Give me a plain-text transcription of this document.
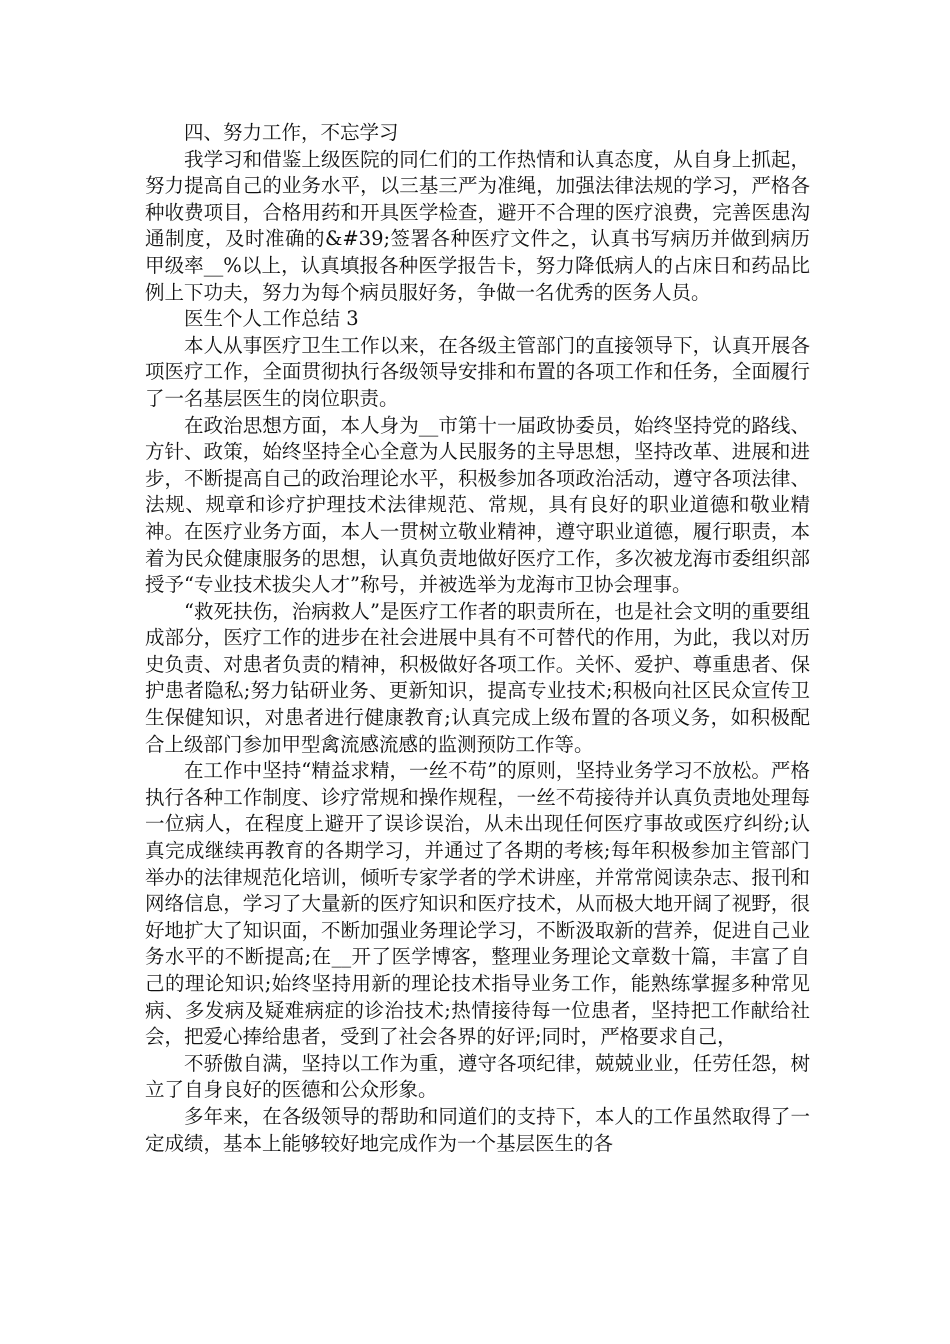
四、努力工作，不忘学习

我学习和借鉴上级医院的同仁们的工作热情和认真态度，从自身上抓起，努力提高自己的业务水平，以三基三严为准绳，加强法律法规的学习，严格各种收费项目，合格用药和开具医学检查，避开不合理的医疗浪费，完善医患沟通制度，及时准确的&#39;签署各种医疗文件之，认真书写病历并做到病历甲级率__%以上，认真填报各种医学报告卡，努力降低病人的占床日和药品比例上下功夫，努力为每个病员服好务，争做一名优秀的医务人员。

医生个人工作总结 3

本人从事医疗卫生工作以来，在各级主管部门的直接领导下，认真开展各项医疗工作，全面贯彻执行各级领导安排和布置的各项工作和任务，全面履行了一名基层医生的岗位职责。

在政治思想方面，本人身为__市第十一届政协委员，始终坚持党的路线、方针、政策，始终坚持全心全意为人民服务的主导思想，坚持改革、进展和进步，不断提高自己的政治理论水平，积极参加各项政治活动，遵守各项法律、法规、规章和诊疗护理技术法律规范、常规，具有良好的职业道德和敬业精神。在医疗业务方面，本人一贯树立敬业精神，遵守职业道德，履行职责，本着为民众健康服务的思想，认真负责地做好医疗工作，多次被龙海市委组织部授予“专业技术拔尖人才”称号，并被选举为龙海市卫协会理事。

“救死扶伤，治病救人”是医疗工作者的职责所在，也是社会文明的重要组成部分，医疗工作的进步在社会进展中具有不可替代的作用，为此，我以对历史负责、对患者负责的精神，积极做好各项工作。关怀、爱护、尊重患者、保护患者隐私;努力钻研业务、更新知识，提高专业技术;积极向社区民众宣传卫生保健知识，对患者进行健康教育;认真完成上级布置的各项义务，如积极配合上级部门参加甲型禽流感流感的监测预防工作等。

在工作中坚持“精益求精，一丝不苟”的原则，坚持业务学习不放松。严格执行各种工作制度、诊疗常规和操作规程，一丝不苟接待并认真负责地处理每一位病人，在程度上避开了误诊误治，从未出现任何医疗事故或医疗纠纷;认真完成继续再教育的各期学习，并通过了各期的考核;每年积极参加主管部门举办的法律规范化培训，倾听专家学者的学术讲座，并常常阅读杂志、报刊和网络信息，学习了大量新的医疗知识和医疗技术，从而极大地开阔了视野，很好地扩大了知识面，不断加强业务理论学习，不断汲取新的营养，促进自己业务水平的不断提高;在__开了医学博客，整理业务理论文章数十篇，丰富了自己的理论知识;始终坚持用新的理论技术指导业务工作，能熟练掌握多种常见病、多发病及疑难病症的诊治技术;热情接待每一位患者，坚持把工作献给社会，把爱心捧给患者，受到了社会各界的好评;同时，严格要求自己，

不骄傲自满，坚持以工作为重，遵守各项纪律，兢兢业业，任劳任怨，树立了自身良好的医德和公众形象。

多年来，在各级领导的帮助和同道们的支持下，本人的工作虽然取得了一定成绩，基本上能够较好地完成作为一个基层医生的各
